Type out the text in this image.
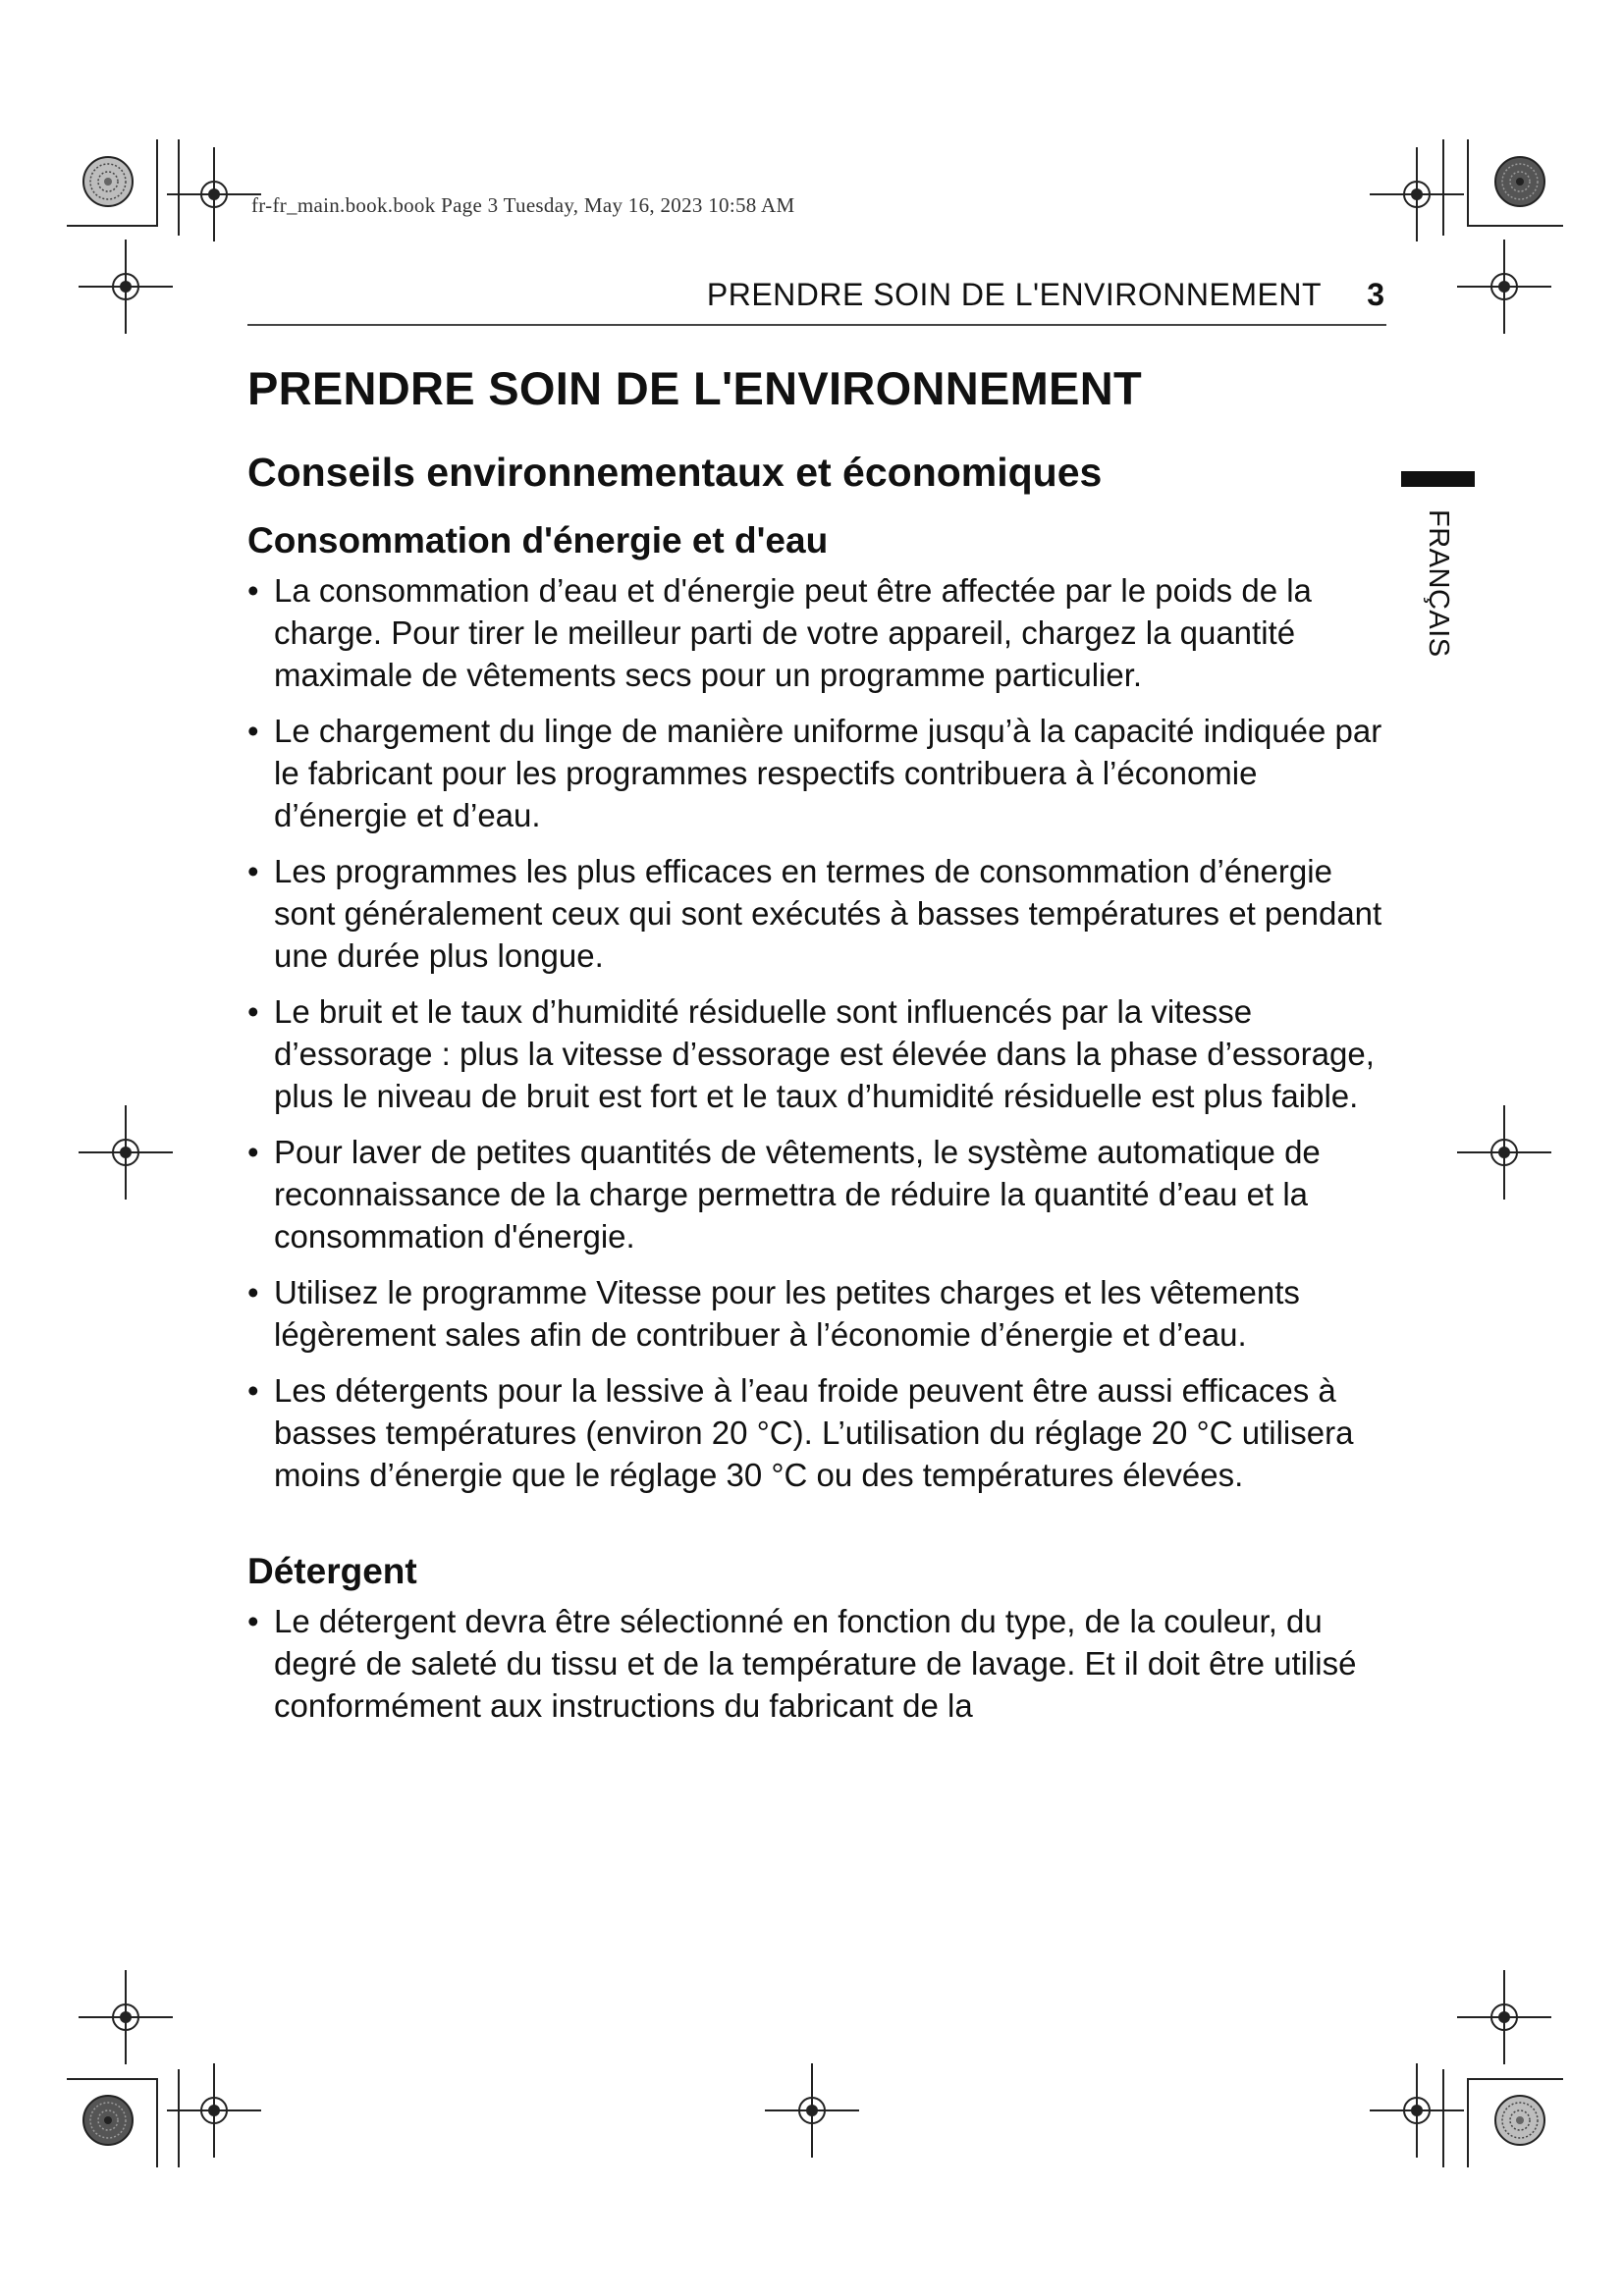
fr-fr_main.book.book Page 3 Tuesday, May 16, 2023 10:58 AM
PRENDRE SOIN DE L'ENVIRONNEMENT 3
FRANÇAIS
PRENDRE SOIN DE L'ENVIRONNEMENT
Conseils environnementaux et économiques
Consommation d'énergie et d'eau
• La consommation d’eau et d'énergie peut être affectée par le poids de la charge. Pour tirer le meilleur parti de votre appareil, chargez la quantité maximale de vêtements secs pour un programme particulier.
• Le chargement du linge de manière uniforme jusqu’à la capacité indiquée par le fabricant pour les programmes respectifs contribuera à l’économie d’énergie et d’eau.
• Les programmes les plus efficaces en termes de consommation d’énergie sont généralement ceux qui sont exécutés à basses températures et pendant une durée plus longue.
• Le bruit et le taux d’humidité résiduelle sont influencés par la vitesse d’essorage : plus la vitesse d’essorage est élevée dans la phase d’essorage, plus le niveau de bruit est fort et le taux d’humidité résiduelle est plus faible.
• Pour laver de petites quantités de vêtements, le système automatique de reconnaissance de la charge permettra de réduire la quantité d’eau et la consommation d'énergie.
• Utilisez le programme Vitesse pour les petites charges et les vêtements légèrement sales afin de contribuer à l’économie d’énergie et d’eau.
• Les détergents pour la lessive à l’eau froide peuvent être aussi efficaces à basses températures (environ 20 °C). L’utilisation du réglage 20 °C utilisera moins d’énergie que le réglage 30 °C ou des températures élevées.
Détergent
• Le détergent devra être sélectionné en fonction du type, de la couleur, du degré de saleté du tissu et de la température de lavage. Et il doit être utilisé conformément aux instructions du fabricant de la
